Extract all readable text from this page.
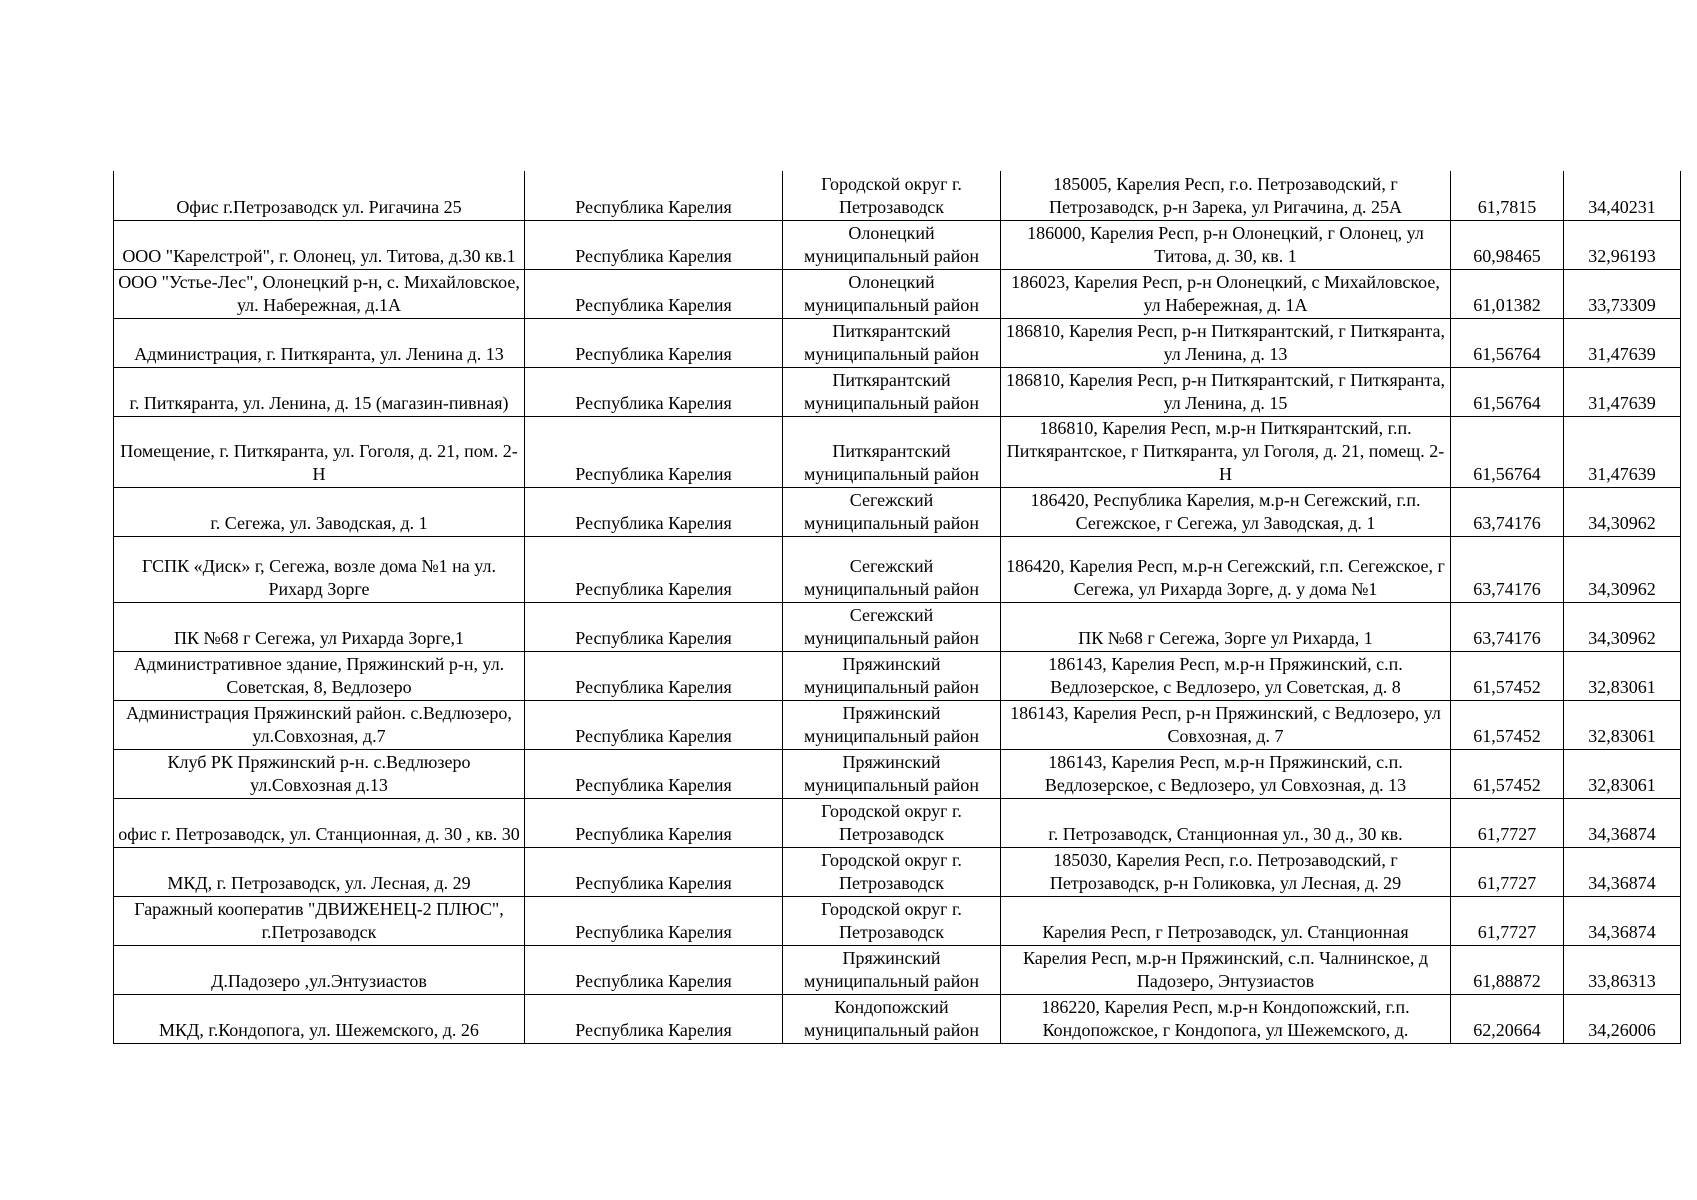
Офис г.Петрозаводск ул. Ригачина 25	Республика Карелия	Городской округ г. Петрозаводск	185005, Карелия Респ, г.о. Петрозаводский, г Петрозаводск, р-н Зарека, ул Ригачина, д. 25А	61,7815	34,40231
ООО "Карелстрой", г. Олонец, ул. Титова, д.30 кв.1	Республика Карелия	Олонецкий муниципальный район	186000, Карелия Респ, р-н Олонецкий, г Олонец, ул Титова, д. 30, кв. 1	60,98465	32,96193
ООО "Устье-Лес", Олонецкий р-н, с. Михайловское, ул. Набережная, д.1А	Республика Карелия	Олонецкий муниципальный район	186023, Карелия Респ, р-н Олонецкий, с Михайловское, ул Набережная, д. 1А	61,01382	33,73309
Администрация, г. Питкяранта, ул. Ленина д. 13	Республика Карелия	Питкярантский муниципальный район	186810, Карелия Респ, р-н Питкярантский, г Питкяранта, ул Ленина, д. 13	61,56764	31,47639
г. Питкяранта, ул. Ленина, д. 15 (магазин-пивная)	Республика Карелия	Питкярантский муниципальный район	186810, Карелия Респ, р-н Питкярантский, г Питкяранта, ул Ленина, д. 15	61,56764	31,47639
Помещение, г. Питкяранта, ул. Гоголя, д. 21, пом. 2-Н	Республика Карелия	Питкярантский муниципальный район	186810, Карелия Респ, м.р-н Питкярантский, г.п. Питкярантское, г Питкяранта, ул Гоголя, д. 21, помещ. 2-Н	61,56764	31,47639
г. Сегежа, ул. Заводская, д. 1	Республика Карелия	Сегежский муниципальный район	186420, Республика Карелия, м.р-н Сегежский, г.п. Сегежское, г Сегежа, ул Заводская, д. 1	63,74176	34,30962
ГСПК «Диск» г, Сегежа, возле дома №1 на ул. Рихард Зорге	Республика Карелия	Сегежский муниципальный район	186420, Карелия Респ, м.р-н Сегежский, г.п. Сегежское, г Сегежа, ул Рихарда Зорге, д. у дома №1	63,74176	34,30962
ПК №68 г Сегежа, ул Рихарда Зорге,1	Республика Карелия	Сегежский муниципальный район	ПК №68 г Сегежа, Зорге ул Рихарда, 1	63,74176	34,30962
Административное здание, Пряжинский р-н, ул. Советская, 8, Ведлозеро	Республика Карелия	Пряжинский муниципальный район	186143, Карелия Респ, м.р-н Пряжинский, с.п. Ведлозерское, с Ведлозеро, ул Советская, д. 8	61,57452	32,83061
Администрация Пряжинский район. с.Ведлюзеро, ул.Совхозная, д.7	Республика Карелия	Пряжинский муниципальный район	186143, Карелия Респ, р-н Пряжинский, с Ведлозеро, ул Совхозная, д. 7	61,57452	32,83061
Клуб РК Пряжинский р-н. с.Ведлюзеро ул.Совхозная д.13	Республика Карелия	Пряжинский муниципальный район	186143, Карелия Респ, м.р-н Пряжинский, с.п. Ведлозерское, с Ведлозеро, ул Совхозная, д. 13	61,57452	32,83061
офис г. Петрозаводск, ул. Станционная, д. 30 , кв. 30	Республика Карелия	Городской округ г. Петрозаводск	г. Петрозаводск, Станционная ул., 30 д., 30 кв.	61,7727	34,36874
МКД, г. Петрозаводск, ул. Лесная, д. 29	Республика Карелия	Городской округ г. Петрозаводск	185030, Карелия Респ, г.о. Петрозаводский, г Петрозаводск, р-н Голиковка, ул Лесная, д. 29	61,7727	34,36874
Гаражный кооператив "ДВИЖЕНЕЦ-2 ПЛЮС", г.Петрозаводск	Республика Карелия	Городской округ г. Петрозаводск	Карелия Респ, г Петрозаводск, ул. Станционная	61,7727	34,36874
Д.Падозеро ,ул.Энтузиастов	Республика Карелия	Пряжинский муниципальный район	Карелия Респ, м.р-н Пряжинский, с.п. Чалнинское, д Падозеро, Энтузиастов	61,88872	33,86313
МКД, г.Кондопога, ул. Шежемского, д. 26	Республика Карелия	Кондопожский муниципальный район	186220, Карелия Респ, м.р-н Кондопожский, г.п. Кондопожское, г Кондопога, ул Шежемского, д.	62,20664	34,26006
